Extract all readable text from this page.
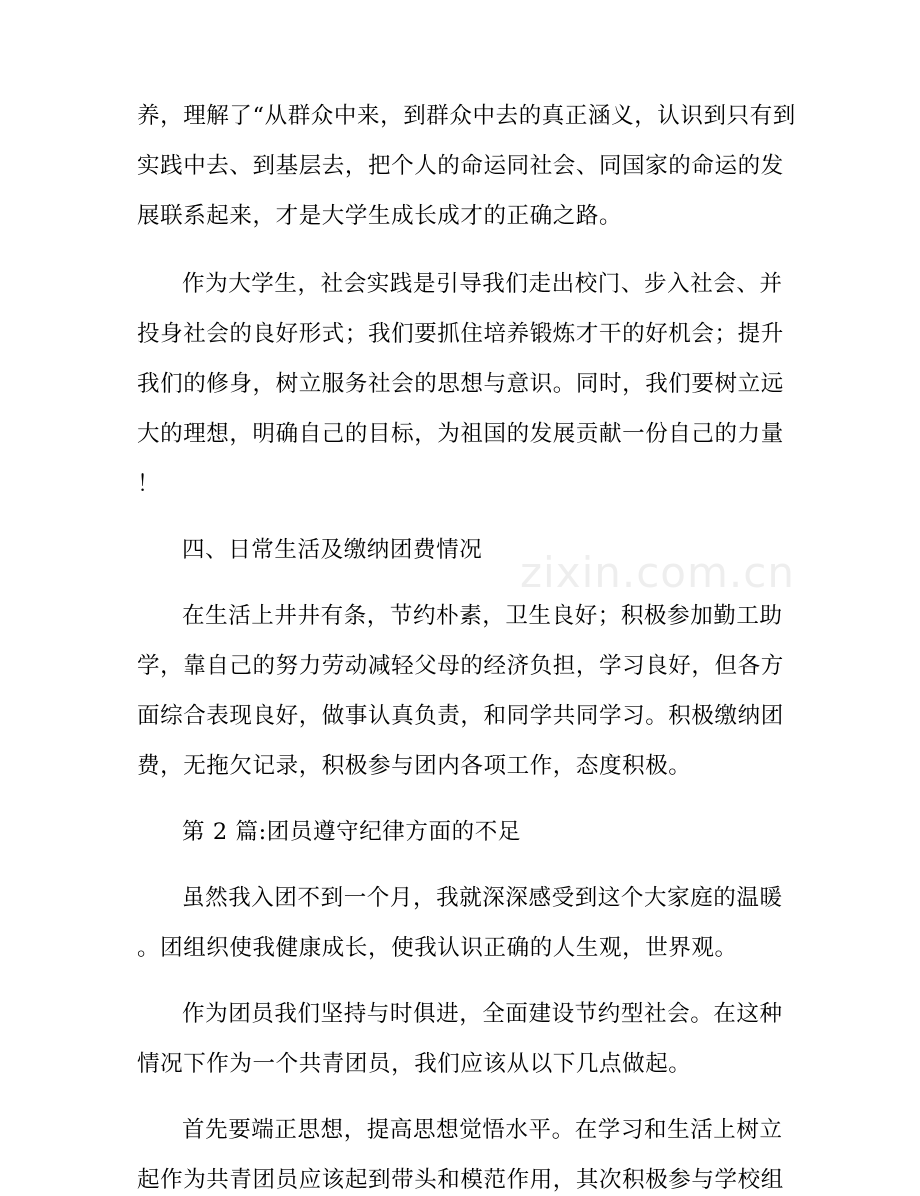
zixin.com.cn
养，理解了“从群众中来，到群众中去的真正涵义，认识到只有到
实践中去、到基层去，把个人的命运同社会、同国家的命运的发
展联系起来，才是大学生成长成才的正确之路。
作为大学生，社会实践是引导我们走出校门、步入社会、并
投身社会的良好形式；我们要抓住培养锻炼才干的好机会；提升
我们的修身，树立服务社会的思想与意识。同时，我们要树立远
大的理想，明确自己的目标，为祖国的发展贡献一份自己的力量
！
四、日常生活及缴纳团费情况
在生活上井井有条，节约朴素，卫生良好；积极参加勤工助
学，靠自己的努力劳动减轻父母的经济负担，学习良好，但各方
面综合表现良好，做事认真负责，和同学共同学习。积极缴纳团
费，无拖欠记录，积极参与团内各项工作，态度积极。
第 2 篇:团员遵守纪律方面的不足
虽然我入团不到一个月，我就深深感受到这个大家庭的温暖
。团组织使我健康成长，使我认识正确的人生观，世界观。
作为团员我们坚持与时俱进，全面建设节约型社会。在这种
情况下作为一个共青团员，我们应该从以下几点做起。
首先要端正思想，提高思想觉悟水平。在学习和生活上树立
起作为共青团员应该起到带头和模范作用，其次积极参与学校组
